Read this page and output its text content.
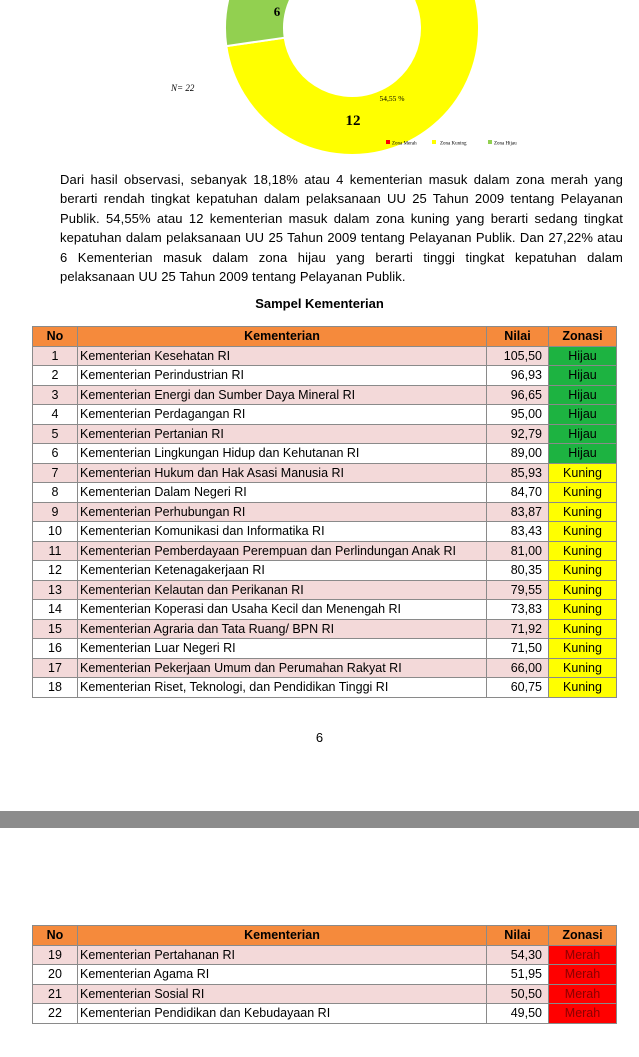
6
12
54,55 %
N= 22
Zona Merah	Zona Kuning	Zona Hijau
Dari hasil observasi, sebanyak 18,18% atau 4 kementerian masuk dalam zona merah yang berarti rendah tingkat kepatuhan dalam pelaksanaan UU 25 Tahun 2009 tentang Pelayanan Publik. 54,55% atau 12 kementerian masuk dalam zona kuning yang berarti sedang tingkat kepatuhan dalam pelaksanaan UU 25 Tahun 2009 tentang Pelayanan Publik. Dan 27,22% atau 6 Kementerian masuk dalam zona hijau yang berarti tinggi tingkat kepatuhan dalam pelaksanaan UU 25 Tahun 2009 tentang Pelayanan Publik.
Sampel Kementerian
No	Kementerian	Nilai	Zonasi
1	Kementerian Kesehatan RI	105,50	Hijau
2	Kementerian Perindustrian RI	96,93	Hijau
3	Kementerian Energi dan Sumber Daya Mineral RI	96,65	Hijau
4	Kementerian Perdagangan RI	95,00	Hijau
5	Kementerian Pertanian RI	92,79	Hijau
6	Kementerian Lingkungan Hidup dan Kehutanan RI	89,00	Hijau
7	Kementerian Hukum dan Hak Asasi Manusia RI	85,93	Kuning
8	Kementerian Dalam Negeri RI	84,70	Kuning
9	Kementerian Perhubungan RI	83,87	Kuning
10	Kementerian Komunikasi dan Informatika RI	83,43	Kuning
11	Kementerian Pemberdayaan Perempuan dan Perlindungan Anak RI	81,00	Kuning
12	Kementerian Ketenagakerjaan RI	80,35	Kuning
13	Kementerian Kelautan dan Perikanan RI	79,55	Kuning
14	Kementerian Koperasi dan Usaha Kecil dan Menengah RI	73,83	Kuning
15	Kementerian Agraria dan Tata Ruang/ BPN RI	71,92	Kuning
16	Kementerian Luar Negeri RI	71,50	Kuning
17	Kementerian Pekerjaan Umum dan Perumahan Rakyat RI	66,00	Kuning
18	Kementerian Riset, Teknologi, dan Pendidikan Tinggi RI	60,75	Kuning
6
No	Kementerian	Nilai	Zonasi
19	Kementerian Pertahanan RI	54,30	Merah
20	Kementerian Agama RI	51,95	Merah
21	Kementerian Sosial RI	50,50	Merah
22	Kementerian Pendidikan dan Kebudayaan RI	49,50	Merah
